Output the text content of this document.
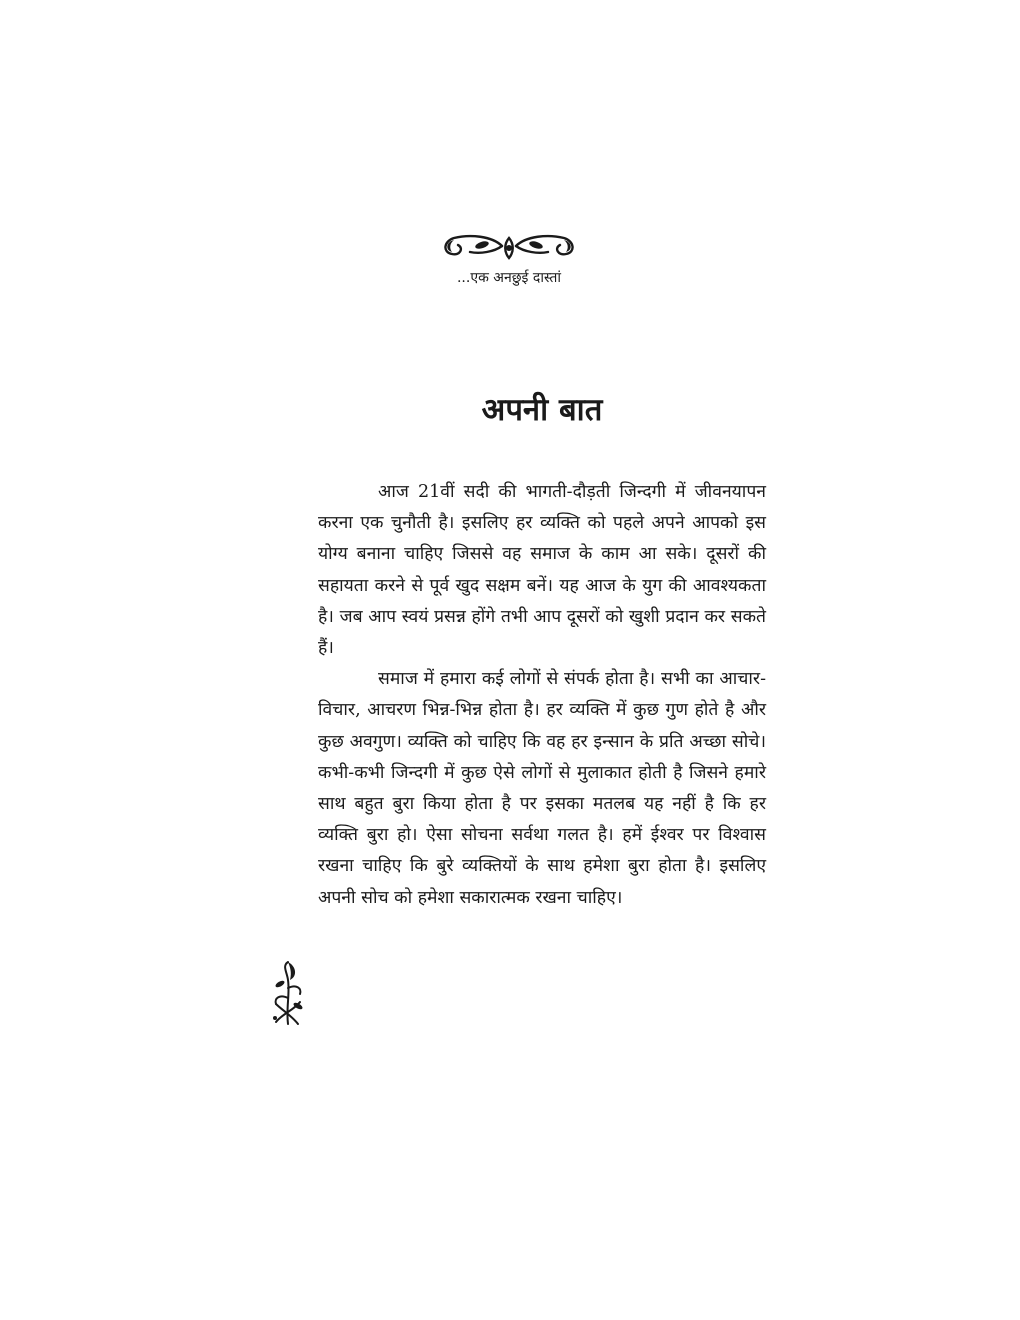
...एक अनछुई दास्तां
अपनी बात

आज 21वीं सदी की भागती-दौड़ती जिन्दगी में जीवनयापन करना एक चुनौती है। इसलिए हर व्यक्ति को पहले अपने आपको इस योग्य बनाना चाहिए जिससे वह समाज के काम आ सके। दूसरों की सहायता करने से पूर्व खुद सक्षम बनें। यह आज के युग की आवश्यकता है। जब आप स्वयं प्रसन्न होंगे तभी आप दूसरों को खुशी प्रदान कर सकते हैं।

समाज में हमारा कई लोगों से संपर्क होता है। सभी का आचार-विचार, आचरण भिन्न-भिन्न होता है। हर व्यक्ति में कुछ गुण होते है और कुछ अवगुण। व्यक्ति को चाहिए कि वह हर इन्सान के प्रति अच्छा सोचे। कभी-कभी जिन्दगी में कुछ ऐसे लोगों से मुलाकात होती है जिसने हमारे साथ बहुत बुरा किया होता है पर इसका मतलब यह नहीं है कि हर व्यक्ति बुरा हो। ऐसा सोचना सर्वथा गलत है। हमें ईश्वर पर विश्वास रखना चाहिए कि बुरे व्यक्तियों के साथ हमेशा बुरा होता है। इसलिए अपनी सोच को हमेशा सकारात्मक रखना चाहिए।
